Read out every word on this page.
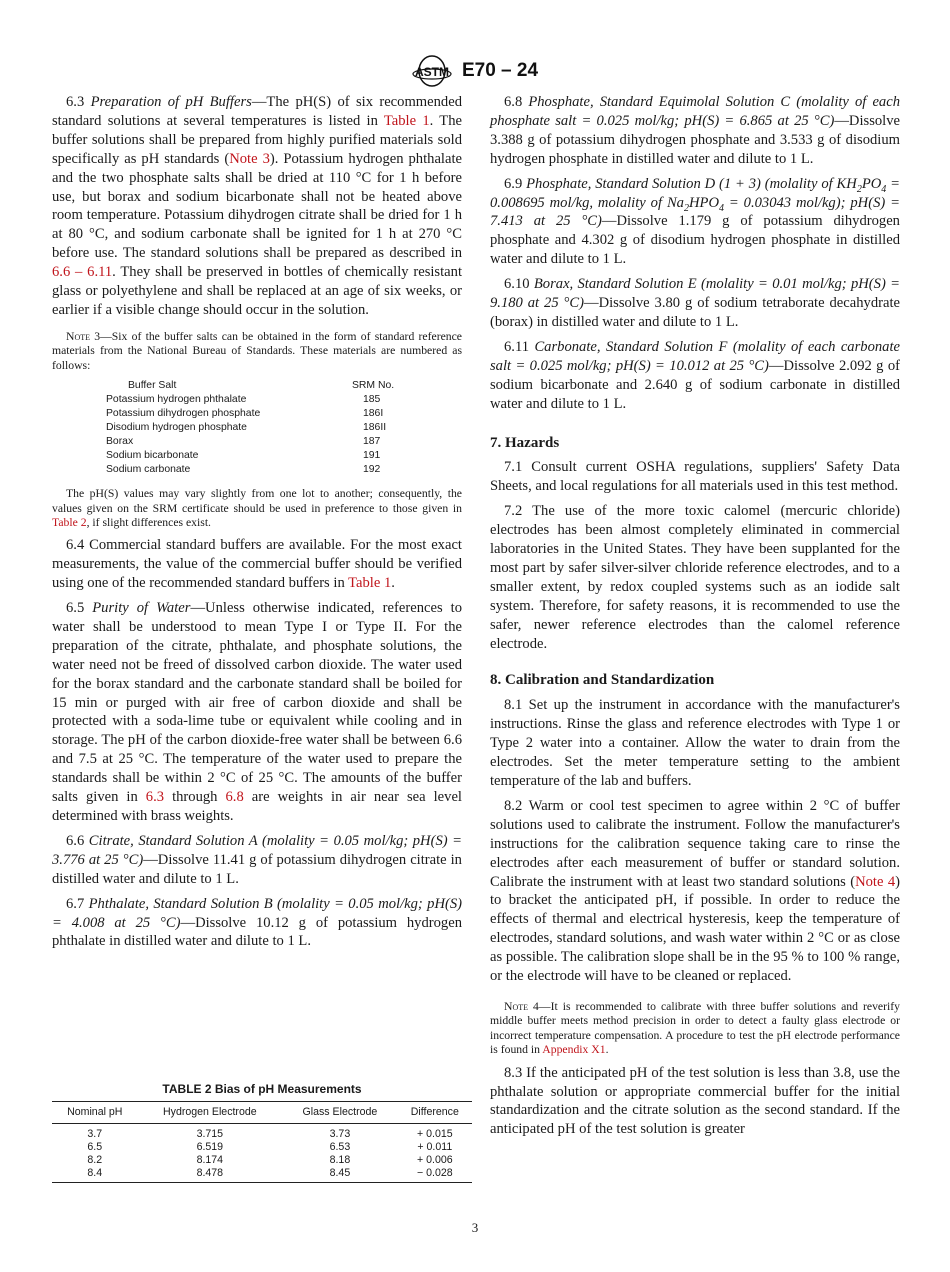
ASTM E70 – 24

6.3 Preparation of pH Buffers—The pH(S) of six recommended standard solutions at several temperatures is listed in Table 1. The buffer solutions shall be prepared from highly purified materials sold specifically as pH standards (Note 3). Potassium hydrogen phthalate and the two phosphate salts shall be dried at 110 °C for 1 h before use, but borax and sodium bicarbonate shall not be heated above room temperature. Potassium dihydrogen citrate shall be dried for 1 h at 80 °C, and sodium carbonate shall be ignited for 1 h at 270 °C before use. The standard solutions shall be prepared as described in 6.6 – 6.11. They shall be preserved in bottles of chemically resistant glass or polyethylene and shall be replaced at an age of six weeks, or earlier if a visible change should occur in the solution.

Note 3—Six of the buffer salts can be obtained in the form of standard reference materials from the National Bureau of Standards. These materials are numbered as follows:

Buffer Salt	SRM No.
Potassium hydrogen phthalate	185
Potassium dihydrogen phosphate	186I
Disodium hydrogen phosphate	186II
Borax	187
Sodium bicarbonate	191
Sodium carbonate	192

The pH(S) values may vary slightly from one lot to another; consequently, the values given on the SRM certificate should be used in preference to those given in Table 2, if slight differences exist.

6.4 Commercial standard buffers are available. For the most exact measurements, the value of the commercial buffer should be verified using one of the recommended standard buffers in Table 1.

6.5 Purity of Water—Unless otherwise indicated, references to water shall be understood to mean Type I or Type II. For the preparation of the citrate, phthalate, and phosphate solutions, the water need not be freed of dissolved carbon dioxide. The water used for the borax standard and the carbonate standard shall be boiled for 15 min or purged with air free of carbon dioxide and shall be protected with a soda-lime tube or equivalent while cooling and in storage. The pH of the carbon dioxide-free water shall be between 6.6 and 7.5 at 25 °C. The temperature of the water used to prepare the standards shall be within 2 °C of 25 °C. The amounts of the buffer salts given in 6.3 through 6.8 are weights in air near sea level determined with brass weights.

6.6 Citrate, Standard Solution A (molality = 0.05 mol/kg; pH(S) = 3.776 at 25 °C)—Dissolve 11.41 g of potassium dihydrogen citrate in distilled water and dilute to 1 L.

6.7 Phthalate, Standard Solution B (molality = 0.05 mol/kg; pH(S) = 4.008 at 25 °C)—Dissolve 10.12 g of potassium hydrogen phthalate in distilled water and dilute to 1 L.

TABLE 2 Bias of pH Measurements
Nominal pH	Hydrogen Electrode	Glass Electrode	Difference
3.7	3.715	3.73	+ 0.015
6.5	6.519	6.53	+ 0.011
8.2	8.174	8.18	+ 0.006
8.4	8.478	8.45	− 0.028

6.8 Phosphate, Standard Equimolal Solution C (molality of each phosphate salt = 0.025 mol/kg; pH(S) = 6.865 at 25 °C)—Dissolve 3.388 g of potassium dihydrogen phosphate and 3.533 g of disodium hydrogen phosphate in distilled water and dilute to 1 L.

6.9 Phosphate, Standard Solution D (1 + 3) (molality of $KH_2PO_4 = 0.008695$ mol/kg, molality of $Na_2HPO_4 = 0.03043$ mol/kg); pH(S) = 7.413 at 25 °C)—Dissolve 1.179 g of potassium dihydrogen phosphate and 4.302 g of disodium hydrogen phosphate in distilled water and dilute to 1 L.

6.10 Borax, Standard Solution E (molality = 0.01 mol/kg; pH(S) = 9.180 at 25 °C)—Dissolve 3.80 g of sodium tetraborate decahydrate (borax) in distilled water and dilute to 1 L.

6.11 Carbonate, Standard Solution F (molality of each carbonate salt = 0.025 mol/kg; pH(S) = 10.012 at 25 °C)—Dissolve 2.092 g of sodium bicarbonate and 2.640 g of sodium carbonate in distilled water and dilute to 1 L.

7. Hazards

7.1 Consult current OSHA regulations, suppliers' Safety Data Sheets, and local regulations for all materials used in this test method.

7.2 The use of the more toxic calomel (mercuric chloride) electrodes has been almost completely eliminated in commercial laboratories in the United States. They have been supplanted for the most part by safer silver-silver chloride reference electrodes, and to a smaller extent, by redox coupled systems such as an iodide salt system. Therefore, for safety reasons, it is recommended to use the safer, newer reference electrodes than the calomel reference electrode.

8. Calibration and Standardization

8.1 Set up the instrument in accordance with the manufacturer's instructions. Rinse the glass and reference electrodes with Type 1 or Type 2 water into a container. Allow the water to drain from the electrodes. Set the meter temperature setting to the ambient temperature of the lab and buffers.

8.2 Warm or cool test specimen to agree within 2 °C of buffer solutions used to calibrate the instrument. Follow the manufacturer's instructions for the calibration sequence taking care to rinse the electrodes after each measurement of buffer or standard solution. Calibrate the instrument with at least two standard solutions (Note 4) to bracket the anticipated pH, if possible. In order to reduce the effects of thermal and electrical hysteresis, keep the temperature of electrodes, standard solutions, and wash water within 2 °C or as close as possible. The calibration slope shall be in the 95 % to 100 % range, or the electrode will have to be cleaned or replaced.

Note 4—It is recommended to calibrate with three buffer solutions and reverify middle buffer meets method precision in order to detect a faulty glass electrode or incorrect temperature compensation. A procedure to test the pH electrode performance is found in Appendix X1.

8.3 If the anticipated pH of the test solution is less than 3.8, use the phthalate solution or appropriate commercial buffer for the initial standardization and the citrate solution as the second standard. If the anticipated pH of the test solution is greater

3
